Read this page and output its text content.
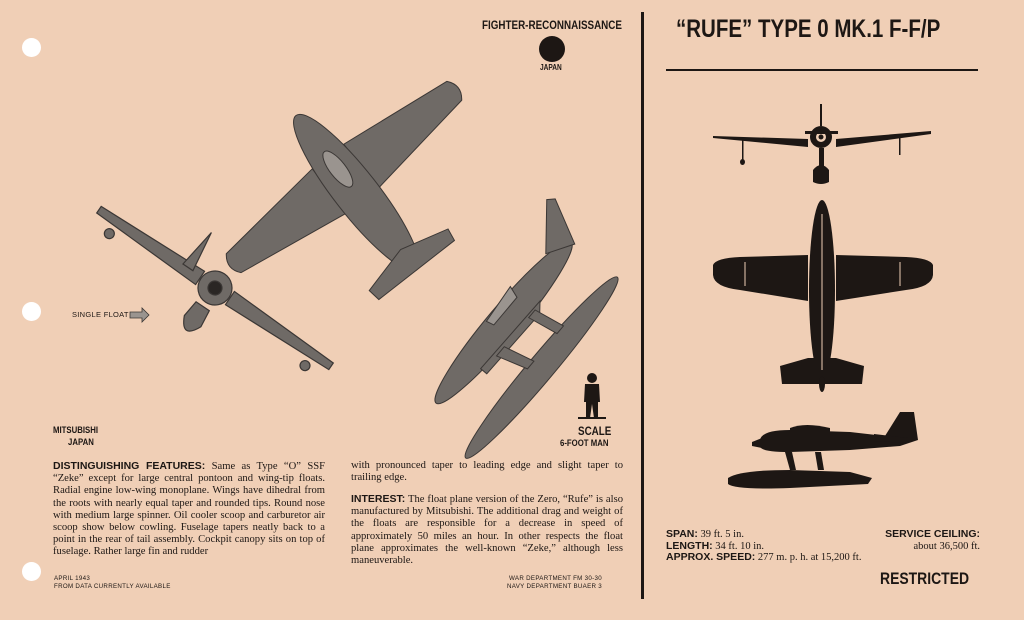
FIGHTER-RECONNAISSANCE
JAPAN
“RUFE” TYPE 0 MK.1 F-F/P
SINGLE FLOAT
SCALE
6-FOOT MAN
MITSUBISHI
JAPAN
DISTINGUISHING FEATURES: Same as Type “O” SSF “Zeke” except for large central pontoon and wing-tip floats. Radial engine low-wing monoplane. Wings have dihedral from the roots with nearly equal taper and rounded tips. Round nose with medium large spinner. Oil cooler scoop and carburetor air scoop show below cowling. Fuselage tapers neatly back to a point in the rear of tail assembly. Cockpit canopy sits on top of fuselage. Rather large fin and rudder
with pronounced taper to leading edge and slight taper to trailing edge.
INTEREST: The float plane version of the Zero, “Rufe” is also manufactured by Mitsubishi. The additional drag and weight of the floats are responsible for a decrease in speed of approximately 50 miles an hour. In other respects the float plane approximates the well-known “Zeke,” although less maneuverable.
APRIL 1943
FROM DATA CURRENTLY AVAILABLE
WAR DEPARTMENT FM 30-30
NAVY DEPARTMENT BUAER 3
SPAN: 39 ft. 5 in.
LENGTH: 34 ft. 10 in.
APPROX. SPEED: 277 m. p. h. at 15,200 ft.
SERVICE CEILING:
about 36,500 ft.
RESTRICTED
